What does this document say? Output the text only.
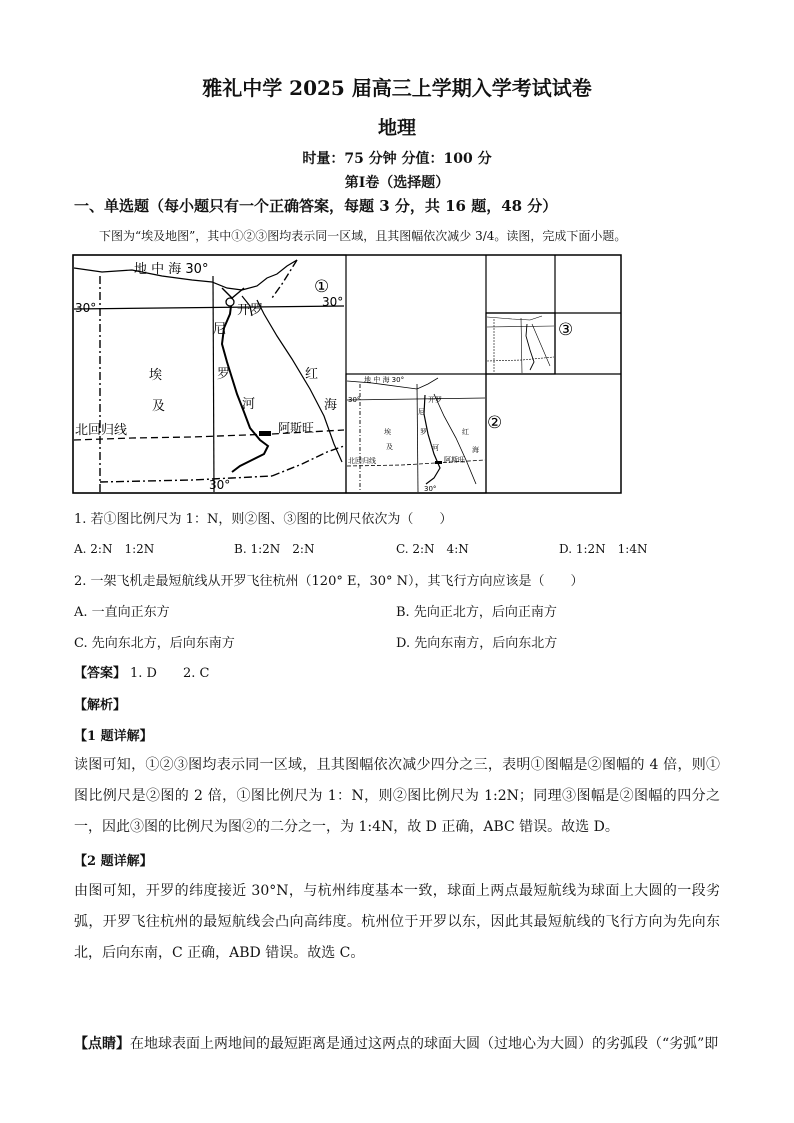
雅礼中学 2025 届高三上学期入学考试试卷
地理
时量：75 分钟 分值：100 分
第Ⅰ卷（选择题）
一、单选题（每小题只有一个正确答案，每题 3 分，共 16 题，48 分）
下图为“埃及地图”，其中①②③图均表示同一区域，且其图幅依次减少 3/4。读图，完成下面小题。
地 中 海 30°
30°	30°
开罗
尼
罗
河
埃
及
红
海
阿斯旺
北回归线
30°
①
地 中 海 30°
30°	开罗
尼
罗
河
埃
及
红
海
阿斯旺
北回归线
30°
②
③
1. 若①图比例尺为 1：N，则②图、③图的比例尺依次为（　　）
A. 2:N　1:2N	B. 1:2N　2:N	C. 2:N　4:N	D. 1:2N　1:4N
2. 一架飞机走最短航线从开罗飞往杭州（120° E，30° N），其飞行方向应该是（　　）
A. 一直向正东方	B. 先向正北方，后向正南方
C. 先向东北方，后向东南方	D. 先向东南方，后向东北方
【答案】 1. D　　2. C
【解析】
【1 题详解】
读图可知，①②③图均表示同一区域，且其图幅依次减少四分之三，表明①图幅是②图幅的 4 倍，则①图比例尺是②图的 2 倍，①图比例尺为 1：N，则②图比例尺为 1:2N；同理③图幅是②图幅的四分之一，因此③图的比例尺为图②的二分之一，为 1:4N，故 D 正确，ABC 错误。故选 D。
【2 题详解】
由图可知，开罗的纬度接近 30°N，与杭州纬度基本一致，球面上两点最短航线为球面上大圆的一段劣弧，开罗飞往杭州的最短航线会凸向高纬度。杭州位于开罗以东，因此其最短航线的飞行方向为先向东北，后向东南，C 正确，ABD 错误。故选 C。
【点睛】在地球表面上两地间的最短距离是通过这两点的球面大圆（过地心为大圆）的劣弧段（“劣弧”即
